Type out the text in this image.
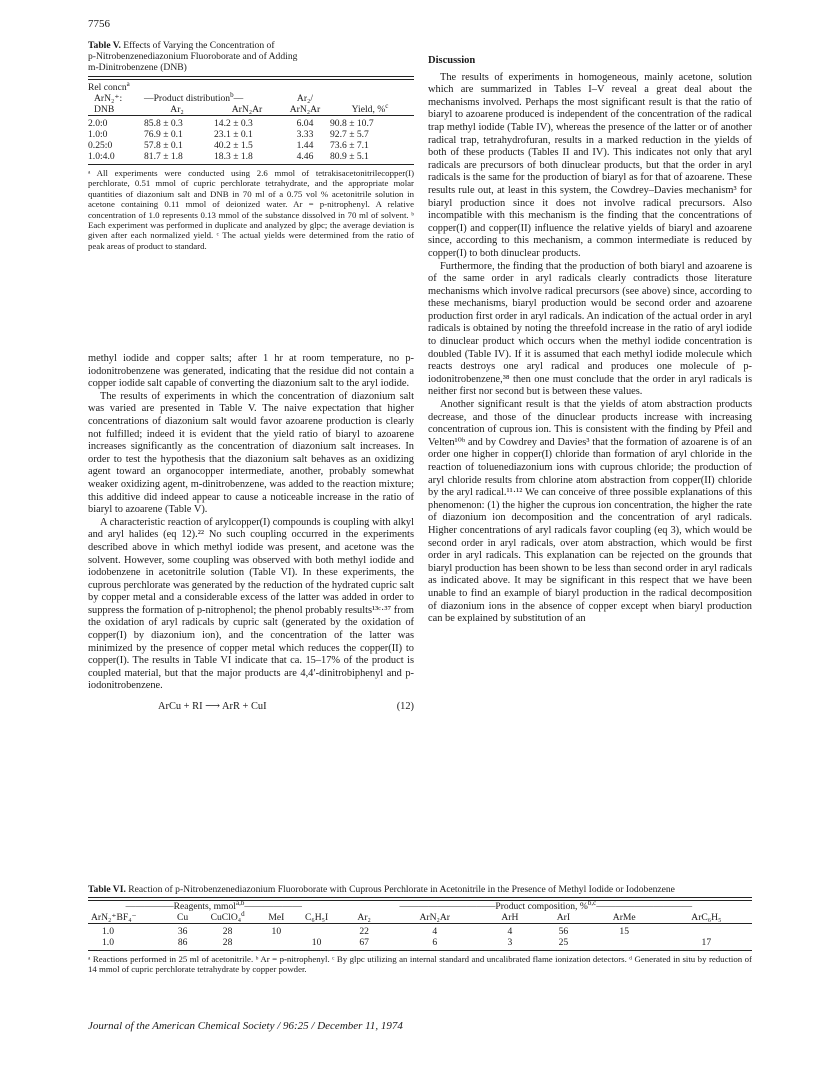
7756
Table V. Effects of Varying the Concentration of
p-Nitrobenzenediazonium Fluoroborate and of Adding
m-Dinitrobenzene (DNB)
Rel concn$^a$
ArN₂⁺:	—Product distribution$^b$—		Ar₂/	
DNB	Ar₂	ArN₂Ar	ArN₂Ar	Yield, %$^c$

2.0:0	85.8 ± 0.3	14.2 ± 0.3	6.04	90.8 ± 10.7
1.0:0	76.9 ± 0.1	23.1 ± 0.1	3.33	92.7 ± 5.7
0.25:0	57.8 ± 0.1	40.2 ± 1.5	1.44	73.6 ± 7.1
1.0:4.0	81.7 ± 1.8	18.3 ± 1.8	4.46	80.9 ± 5.1
ᵃ All experiments were conducted using 2.6 mmol of tetrakisacetonitrilecopper(I) perchlorate, 0.51 mmol of cupric perchlorate tetrahydrate, and the appropriate molar quantities of diazonium salt and DNB in 70 ml of a 0.75 vol % acetonitrile solution in acetone containing 0.11 mmol of deionized water. Ar = p-nitrophenyl. A relative concentration of 1.0 represents 0.13 mmol of the substance dissolved in 70 ml of solvent. ᵇ Each experiment was performed in duplicate and analyzed by glpc; the average deviation is given after each normalized yield. ᶜ The actual yields were determined from the ratio of peak areas of product to standard.

methyl iodide and copper salts; after 1 hr at room temperature, no p-iodonitrobenzene was generated, indicating that the residue did not contain a copper iodide salt capable of converting the diazonium salt to the aryl iodide.

The results of experiments in which the concentration of diazonium salt was varied are presented in Table V. The naive expectation that higher concentrations of diazonium salt would favor azoarene production is clearly not fulfilled; indeed it is evident that the yield ratio of biaryl to azoarene increases significantly as the concentration of diazonium salt increases. In order to test the hypothesis that the diazonium salt behaves as an oxidizing agent toward an organocopper intermediate, another, probably somewhat weaker oxidizing agent, m-dinitrobenzene, was added to the reaction mixture; this additive did indeed appear to cause a noticeable increase in the ratio of biaryl to azoarene (Table V).

A characteristic reaction of arylcopper(I) compounds is coupling with alkyl and aryl halides (eq 12).²² No such coupling occurred in the experiments described above in which methyl iodide was present, and acetone was the solvent. However, some coupling was observed with both methyl iodide and iodobenzene in acetonitrile solution (Table VI). In these experiments, the cuprous perchlorate was generated by the reduction of the hydrated cupric salt by copper metal and a considerable excess of the latter was added in order to suppress the formation of p-nitrophenol; the phenol probably results¹³ᶜ·³⁷ from the oxidation of aryl radicals by cupric salt (generated by the oxidation of copper(I) by diazonium ion), and the concentration of the latter was minimized by the presence of copper metal which reduces the copper(II) to copper(I). The results in Table VI indicate that ca. 15–17% of the product is coupled material, but that the major products are 4,4′-dinitrobiphenyl and p-iodonitrobenzene.

ArCu + RI ⟶ ArR + CuI	(12)
Discussion

The results of experiments in homogeneous, mainly acetone, solution which are summarized in Tables I–V reveal a great deal about the mechanisms involved. Perhaps the most significant result is that the ratio of biaryl to azoarene produced is independent of the concentration of the radical trap methyl iodide (Table IV), whereas the presence of the latter or of another radical trap, tetrahydrofuran, results in a marked reduction in the yields of both of these products (Tables II and IV). This indicates not only that aryl radicals are precursors of both dinuclear products, but that the order in aryl radicals is the same for the production of biaryl as for that of azoarene. These results rule out, at least in this system, the Cowdrey–Davies mechanism³ for biaryl production since it does not involve radical precursors. Also incompatible with this mechanism is the finding that the concentrations of copper(I) and copper(II) influence the relative yields of biaryl and azoarene since, according to this mechanism, a common intermediate is reduced by copper(I) to both dinuclear products.

Furthermore, the finding that the production of both biaryl and azoarene is of the same order in aryl radicals clearly contradicts those literature mechanisms which involve radical precursors (see above) since, according to these mechanisms, biaryl production would be second order and azoarene production first order in aryl radicals. An indication of the actual order in aryl radicals is obtained by noting the threefold increase in the ratio of aryl iodide to dinuclear product which occurs when the methyl iodide concentration is doubled (Table IV). If it is assumed that each methyl iodide molecule which reacts destroys one aryl radical and produces one molecule of p-iodonitrobenzene,³⁸ then one must conclude that the order in aryl radicals is neither first nor second but is between these values.

Another significant result is that the yields of atom abstraction products decrease, and those of the dinuclear products increase with increasing concentration of cuprous ion. This is consistent with the finding by Pfeil and Velten¹⁰ᵇ and by Cowdrey and Davies³ that the formation of azoarene is of an order one higher in copper(I) chloride than formation of aryl chloride in the reaction of toluenediazonium ions with cuprous chloride; the production of aryl chloride results from chlorine atom abstraction from copper(II) chloride by the aryl radical.¹¹·¹² We can conceive of three possible explanations of this phenomenon: (1) the higher the cuprous ion concentration, the higher the rate of diazonium ion decomposition and the concentration of aryl radicals. Higher concentrations of aryl radicals favor coupling (eq 3), which would be second order in aryl radicals, over atom abstraction, which would be first order in aryl radicals. This explanation can be rejected on the grounds that biaryl production has been shown to be less than second order in aryl radicals as indicated above. It may be significant in this respect that we have been unable to find an example of biaryl production in the radical decomposition of diazonium ions in the absence of copper except when biaryl production can be explained by substitution of an

Table VI. Reaction of p-Nitrobenzenediazonium Fluoroborate with Cuprous Perchlorate in Acetonitrile in the Presence of Methyl Iodide or Iodobenzene
—————Reagents, mmol$^{a,b}$——————					——————————Product composition, %$^{b,c}$——————————					
ArN₂⁺BF₄⁻	Cu	CuClO₄$^d$	MeI	C₆H₅I	Ar₂	ArN₂Ar	ArH	ArI	ArMe	ArC₆H₅

1.0	36	28	10		22	4	4	56	15	
1.0	86	28		10	67	6	3	25		17
ᵃ Reactions performed in 25 ml of acetonitrile. ᵇ Ar = p-nitrophenyl. ᶜ By glpc utilizing an internal standard and uncalibrated flame ionization detectors. ᵈ Generated in situ by reduction of 14 mmol of cupric perchlorate tetrahydrate by copper powder.
Journal of the American Chemical Society / 96:25 / December 11, 1974
